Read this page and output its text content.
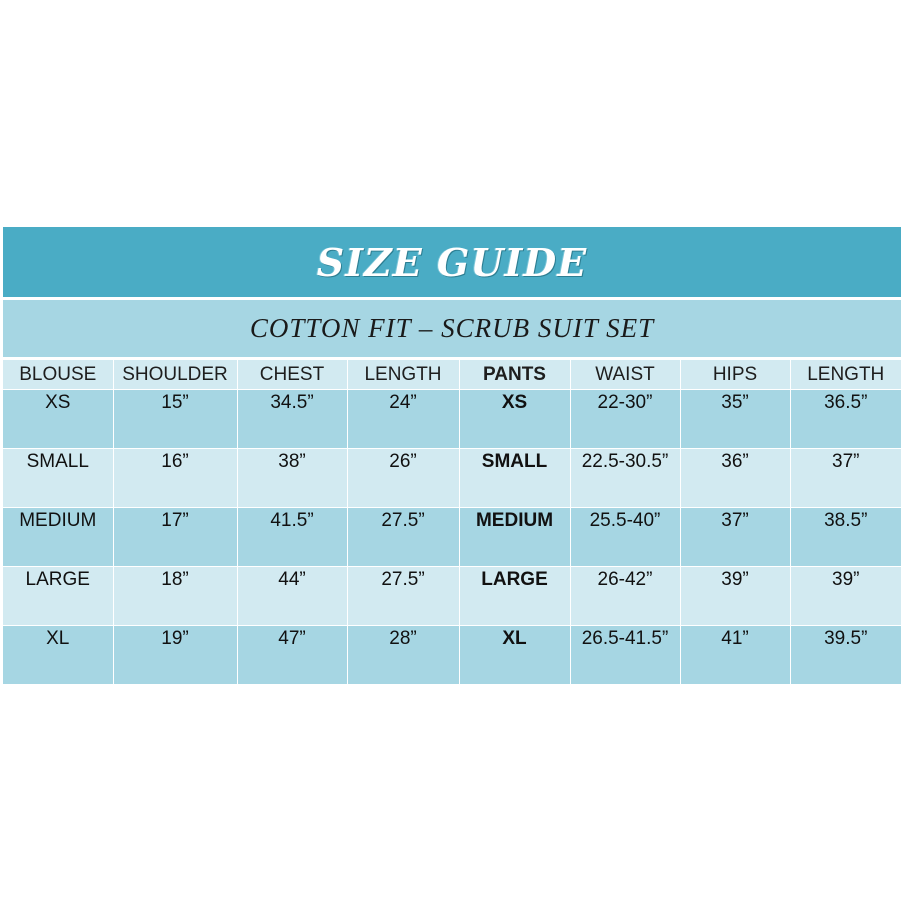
SIZE GUIDE
COTTON FIT – SCRUB SUIT SET
BLOUSE	SHOULDER	CHEST	LENGTH	PANTS	WAIST	HIPS	LENGTH
XS	15”	34.5”	24”	XS	22-30”	35”	36.5”
SMALL	16”	38”	26”	SMALL	22.5-30.5”	36”	37”
MEDIUM	17”	41.5”	27.5”	MEDIUM	25.5-40”	37”	38.5”
LARGE	18”	44”	27.5”	LARGE	26-42”	39”	39”
XL	19”	47”	28”	XL	26.5-41.5”	41”	39.5”
